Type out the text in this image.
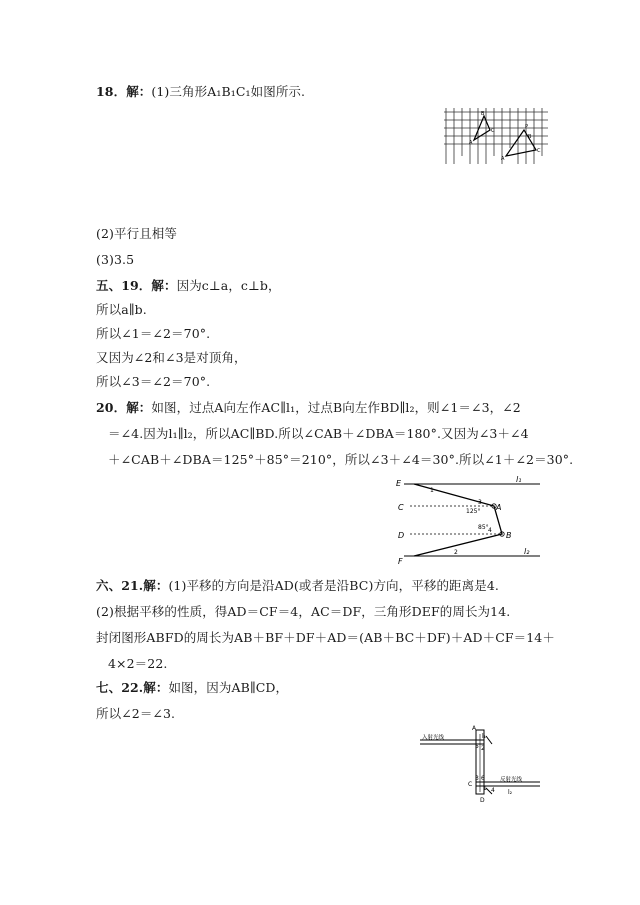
18．解：(1)三角形A₁B₁C₁如图所示.
(2)平行且相等
(3)3.5
五、19．解：因为c⊥a，c⊥b，
所以a∥b.
所以∠1＝∠2＝70°.
又因为∠2和∠3是对顶角，
所以∠3＝∠2＝70°.
20．解：如图，过点A向左作AC∥l₁，过点B向左作BD∥l₂，则∠1＝∠3，∠2
＝∠4.因为l₁∥l₂，所以AC∥BD.所以∠CAB＋∠DBA＝180°.又因为∠3＋∠4
＋∠CAB＋∠DBA＝125°＋85°＝210°，所以∠3＋∠4＝30°.所以∠1＋∠2＝30°.
六、21.解：(1)平移的方向是沿AD(或者是沿BC)方向，平移的距离是4.
(2)根据平移的性质，得AD＝CF＝4，AC＝DF，三角形DEF的周长为14.
封闭图形ABFD的周长为AB＋BF＋DF＋AD＝(AB＋BC＋DF)＋AD＋CF＝14＋
4×2＝22.
七、22.解：如图，因为AB∥CD，
所以∠2＝∠3.
A
B
C
P
C
A
B
E
C
D
F
A
B
l₁
l₂
1
2
3
4
125°
85°
A
C
D
l₁
l₂
入射光线
反射光线
5 2
3 6
4
1
